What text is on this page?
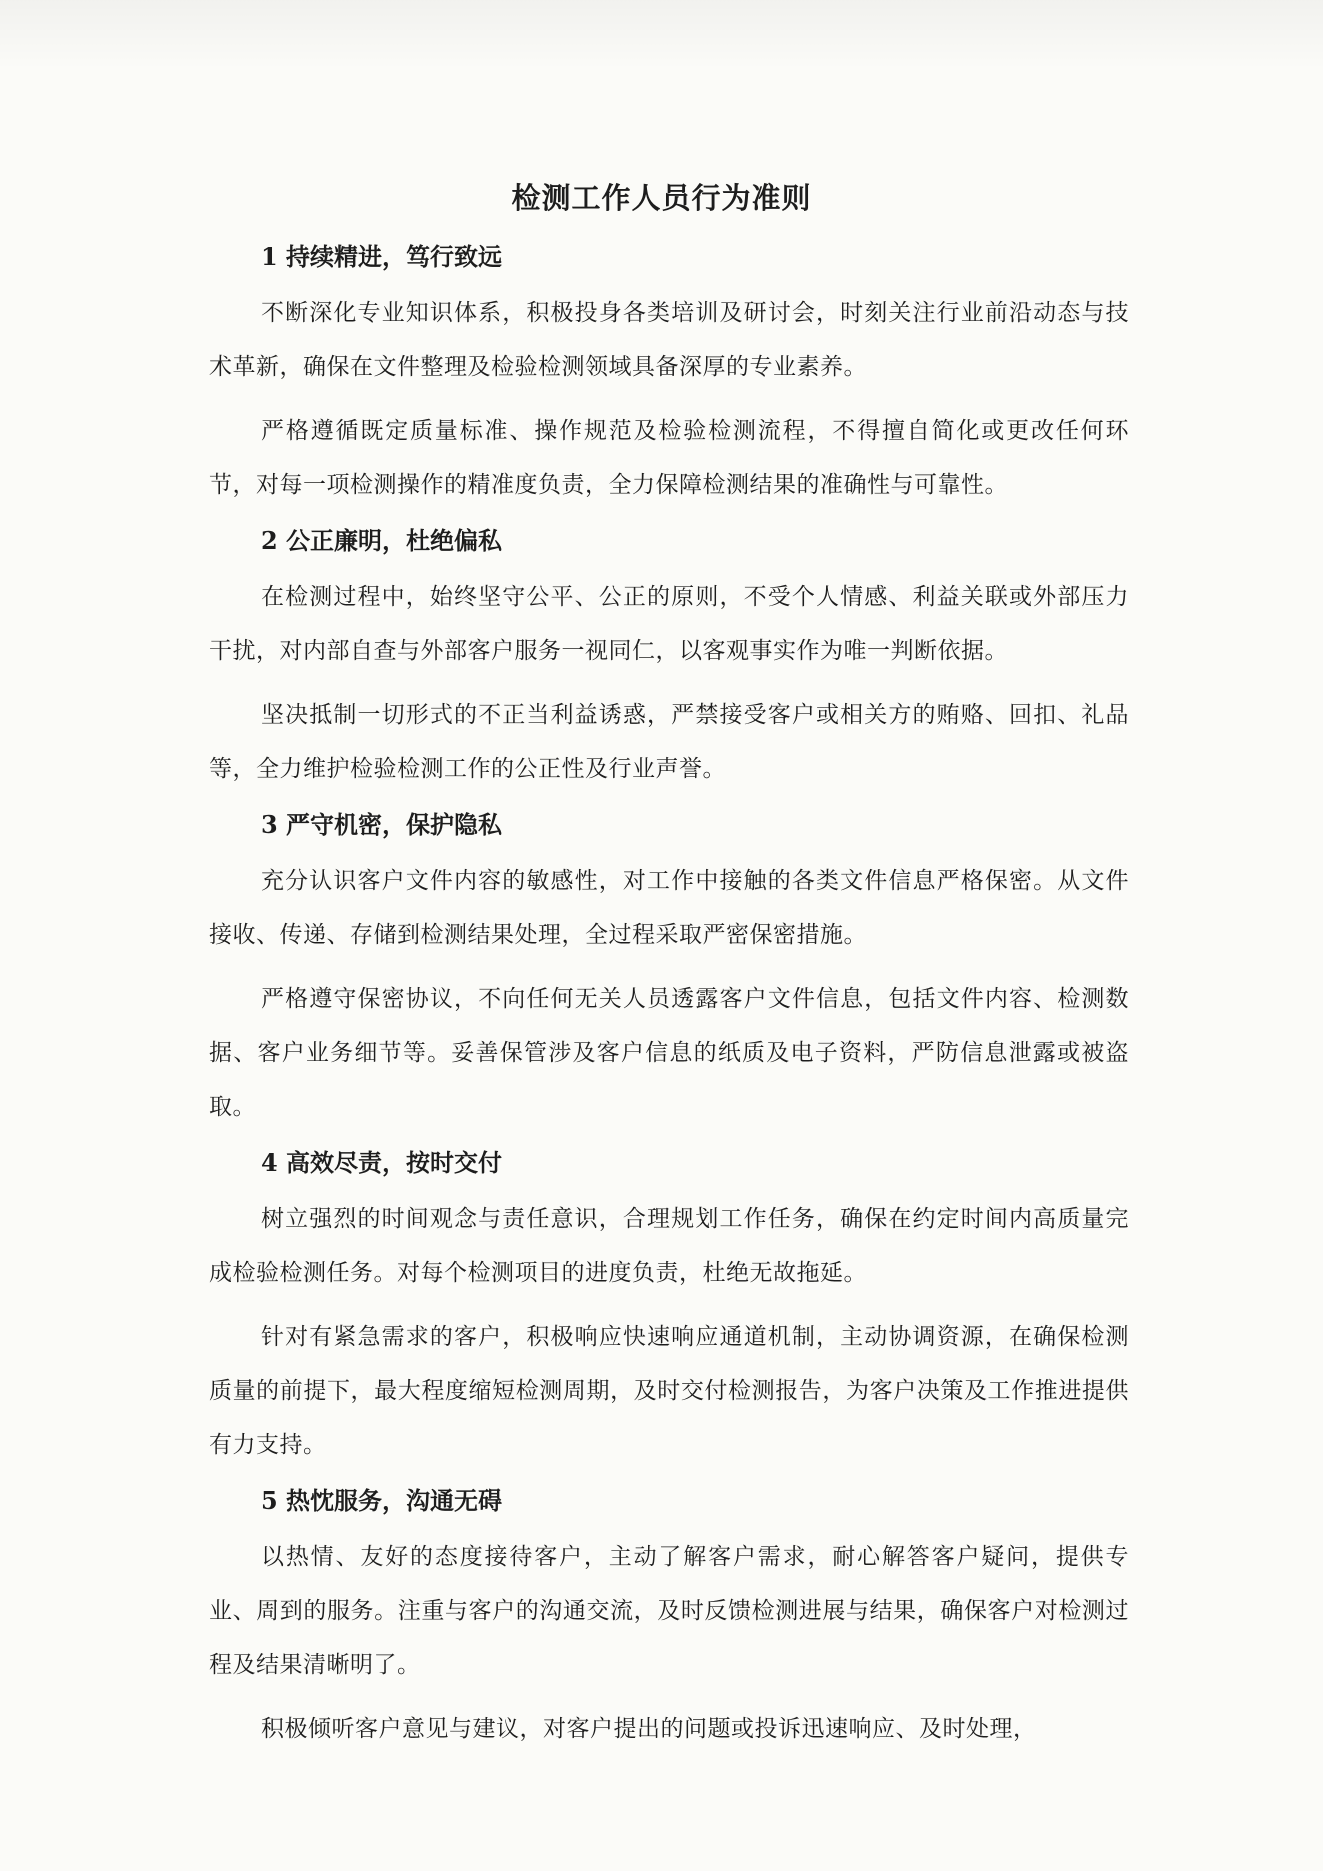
检测工作人员行为准则
1 持续精进，笃行致远

不断深化专业知识体系，积极投身各类培训及研讨会，时刻关注行业前沿动态与技术革新，确保在文件整理及检验检测领域具备深厚的专业素养。

严格遵循既定质量标准、操作规范及检验检测流程，不得擅自简化或更改任何环节，对每一项检测操作的精准度负责，全力保障检测结果的准确性与可靠性。

2 公正廉明，杜绝偏私

在检测过程中，始终坚守公平、公正的原则，不受个人情感、利益关联或外部压力干扰，对内部自查与外部客户服务一视同仁，以客观事实作为唯一判断依据。

坚决抵制一切形式的不正当利益诱惑，严禁接受客户或相关方的贿赂、回扣、礼品等，全力维护检验检测工作的公正性及行业声誉。

3 严守机密，保护隐私

充分认识客户文件内容的敏感性，对工作中接触的各类文件信息严格保密。从文件接收、传递、存储到检测结果处理，全过程采取严密保密措施。

严格遵守保密协议，不向任何无关人员透露客户文件信息，包括文件内容、检测数据、客户业务细节等。妥善保管涉及客户信息的纸质及电子资料，严防信息泄露或被盗取。

4 高效尽责，按时交付

树立强烈的时间观念与责任意识，合理规划工作任务，确保在约定时间内高质量完成检验检测任务。对每个检测项目的进度负责，杜绝无故拖延。

针对有紧急需求的客户，积极响应快速响应通道机制，主动协调资源，在确保检测质量的前提下，最大程度缩短检测周期，及时交付检测报告，为客户决策及工作推进提供有力支持。

5 热忱服务，沟通无碍

以热情、友好的态度接待客户，主动了解客户需求，耐心解答客户疑问，提供专业、周到的服务。注重与客户的沟通交流，及时反馈检测进展与结果，确保客户对检测过程及结果清晰明了。

积极倾听客户意见与建议，对客户提出的问题或投诉迅速响应、及时处理，
